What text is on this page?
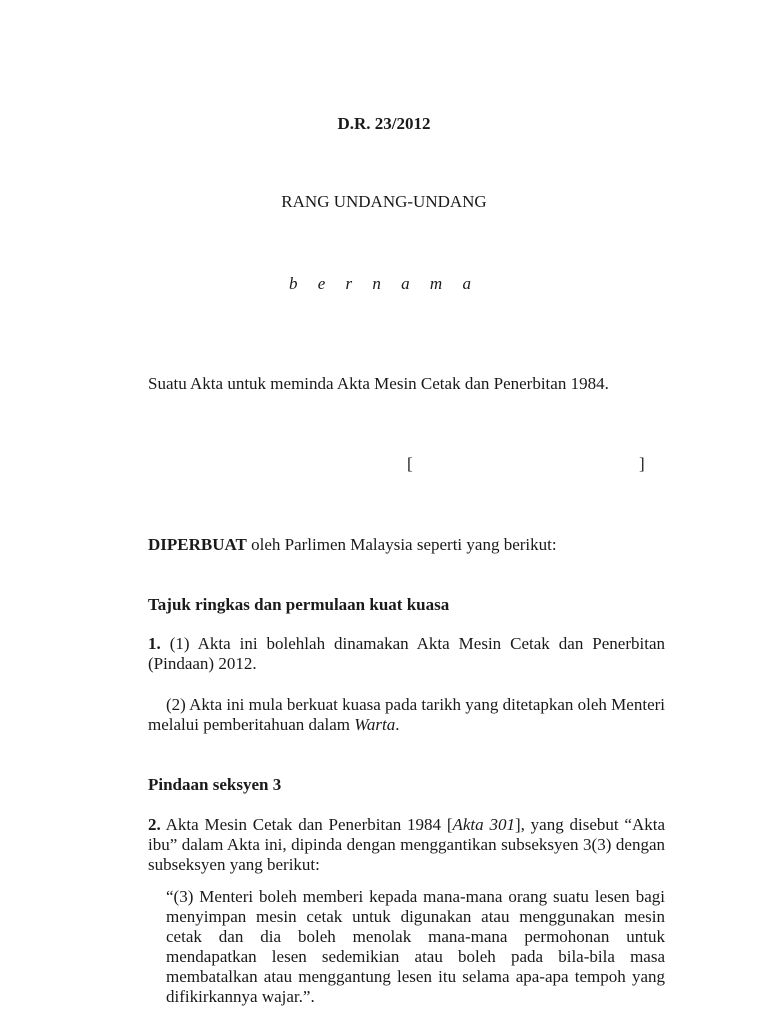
D.R. 23/2012
RANG UNDANG-UNDANG
b e r n a m a
Suatu Akta untuk meminda Akta Mesin Cetak dan Penerbitan 1984.
[	]
DIPERBUAT oleh Parlimen Malaysia seperti yang berikut:
Tajuk ringkas dan permulaan kuat kuasa
1. (1) Akta ini bolehlah dinamakan Akta Mesin Cetak dan Penerbitan (Pindaan) 2012.
(2) Akta ini mula berkuat kuasa pada tarikh yang ditetapkan oleh Menteri melalui pemberitahuan dalam Warta.
Pindaan seksyen 3
2. Akta Mesin Cetak dan Penerbitan 1984 [Akta 301], yang disebut “Akta ibu” dalam Akta ini, dipinda dengan menggantikan subseksyen 3(3) dengan subseksyen yang berikut:
“(3) Menteri boleh memberi kepada mana-mana orang suatu lesen bagi menyimpan mesin cetak untuk digunakan atau menggunakan mesin cetak dan dia boleh menolak mana-mana permohonan untuk mendapatkan lesen sedemikian atau boleh pada bila-bila masa membatalkan atau menggantung lesen itu selama apa-apa tempoh yang difikirkannya wajar.”.
